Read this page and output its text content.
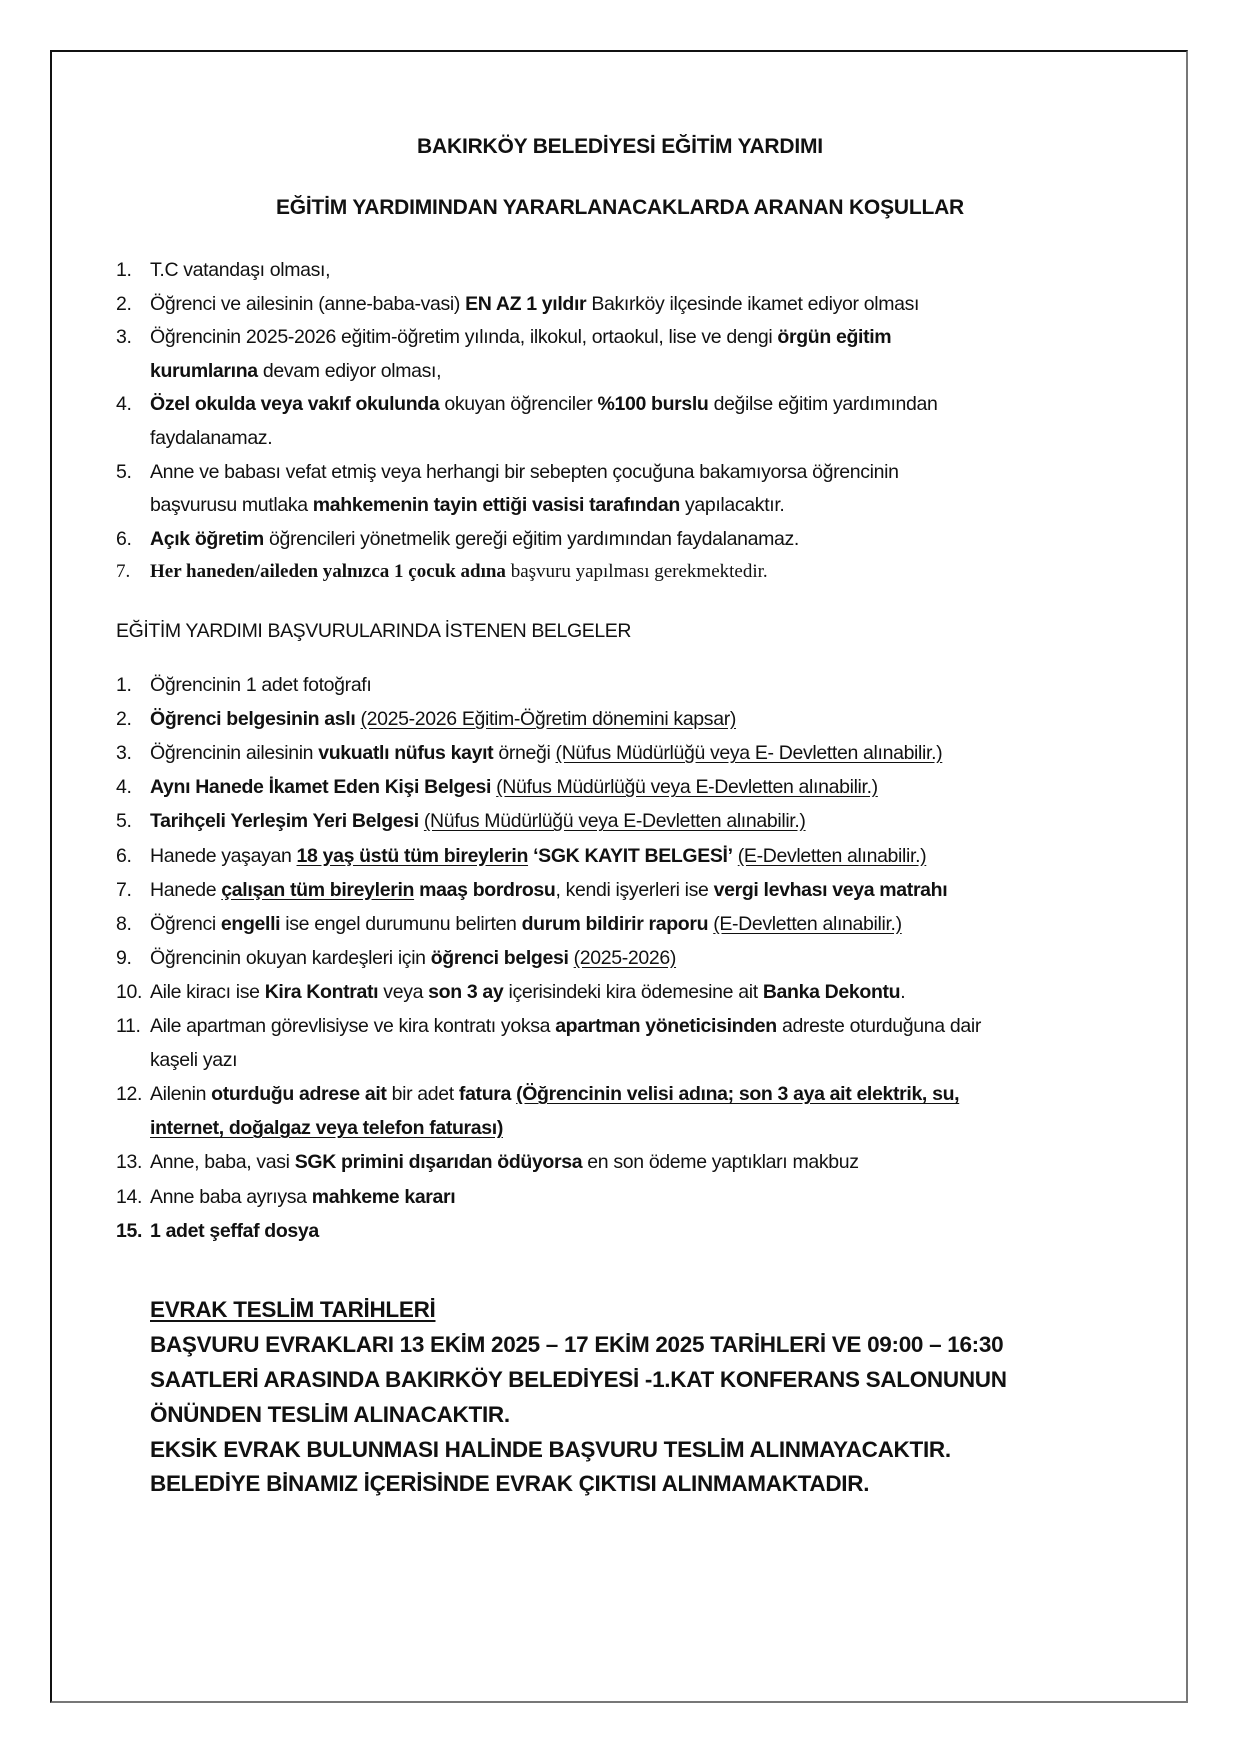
BAKIRKÖY BELEDİYESİ EĞİTİM YARDIMI
EĞİTİM YARDIMINDAN YARARLANACAKLARDA ARANAN KOŞULLAR
1. T.C vatandaşı olması,
2. Öğrenci ve ailesinin (anne-baba-vasi) EN AZ 1 yıldır Bakırköy ilçesinde ikamet ediyor olması
3. Öğrencinin 2025-2026 eğitim-öğretim yılında, ilkokul, ortaokul, lise ve dengi örgün eğitim
kurumlarına devam ediyor olması,
4. Özel okulda veya vakıf okulunda okuyan öğrenciler %100 burslu değilse eğitim yardımından
faydalanamaz.
5. Anne ve babası vefat etmiş veya herhangi bir sebepten çocuğuna bakamıyorsa öğrencinin
başvurusu mutlaka mahkemenin tayin ettiği vasisi tarafından yapılacaktır.
6. Açık öğretim öğrencileri yönetmelik gereği eğitim yardımından faydalanamaz.
7. Her haneden/aileden yalnızca 1 çocuk adına başvuru yapılması gerekmektedir.
EĞİTİM YARDIMI BAŞVURULARINDA İSTENEN BELGELER
1. Öğrencinin 1 adet fotoğrafı
2. Öğrenci belgesinin aslı (2025-2026 Eğitim-Öğretim dönemini kapsar)
3. Öğrencinin ailesinin vukuatlı nüfus kayıt örneği (Nüfus Müdürlüğü veya E- Devletten alınabilir.)
4. Aynı Hanede İkamet Eden Kişi Belgesi (Nüfus Müdürlüğü veya E-Devletten alınabilir.)
5. Tarihçeli Yerleşim Yeri Belgesi (Nüfus Müdürlüğü veya E-Devletten alınabilir.)
6. Hanede yaşayan 18 yaş üstü tüm bireylerin ‘SGK KAYIT BELGESİ’ (E-Devletten alınabilir.)
7. Hanede çalışan tüm bireylerin maaş bordrosu, kendi işyerleri ise vergi levhası veya matrahı
8. Öğrenci engelli ise engel durumunu belirten durum bildirir raporu (E-Devletten alınabilir.)
9. Öğrencinin okuyan kardeşleri için öğrenci belgesi (2025-2026)
10. Aile kiracı ise Kira Kontratı veya son 3 ay içerisindeki kira ödemesine ait Banka Dekontu.
11. Aile apartman görevlisiyse ve kira kontratı yoksa apartman yöneticisinden adreste oturduğuna dair
kaşeli yazı
12. Ailenin oturduğu adrese ait bir adet fatura (Öğrencinin velisi adına; son 3 aya ait elektrik, su,
internet, doğalgaz veya telefon faturası)
13. Anne, baba, vasi SGK primini dışarıdan ödüyorsa en son ödeme yaptıkları makbuz
14. Anne baba ayrıysa mahkeme kararı
15. 1 adet şeffaf dosya
EVRAK TESLİM TARİHLERİ
BAŞVURU EVRAKLARI 13 EKİM 2025 – 17 EKİM 2025 TARİHLERİ VE 09:00 – 16:30
SAATLERİ ARASINDA BAKIRKÖY BELEDİYESİ -1.KAT KONFERANS SALONUNUN
ÖNÜNDEN TESLİM ALINACAKTIR.
EKSİK EVRAK BULUNMASI HALİNDE BAŞVURU TESLİM ALINMAYACAKTIR.
BELEDİYE BİNAMIZ İÇERİSİNDE EVRAK ÇIKTISI ALINMAMAKTADIR.
